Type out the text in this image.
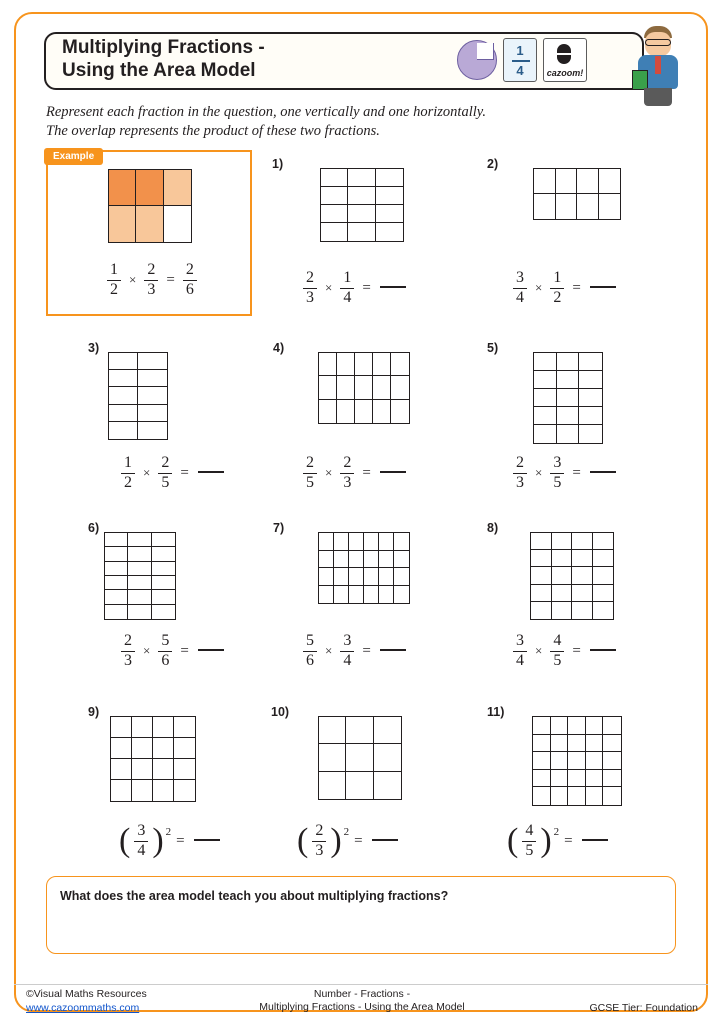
Multiplying Fractions -
Using the Area Model
1
4	cazoom!
Represent each fraction in the question, one vertically and one horizontally.
The overlap represents the product of these two fractions.
Example
What does the area model teach you about multiplying fractions?
©Visual Maths Resources
www.cazoommaths.com
Number - Fractions -
Multiplying Fractions - Using the Area Model	GCSE Tier: Foundation
$\frac{1}{2} \times \frac{2}{3} = \frac{2}{6}$
1)
$\frac{2}{3} \times \frac{1}{4}$ =
2)
$\frac{3}{4} \times \frac{1}{2}$ =
3)
$\frac{1}{2} \times \frac{2}{5}$ =
4)
$\frac{2}{5} \times \frac{2}{3}$ =
5)
$\frac{2}{3} \times \frac{3}{5}$ =
6)
$\frac{2}{3} \times \frac{5}{6}$ =
7)
$\frac{5}{6} \times \frac{3}{4}$ =
8)
$\frac{3}{4} \times \frac{4}{5}$ =
9)
( $\frac{3}{4}$ ) 2
=
10)
( $\frac{2}{3}$ ) 2
=
11)
( $\frac{4}{5}$ ) 2
=
